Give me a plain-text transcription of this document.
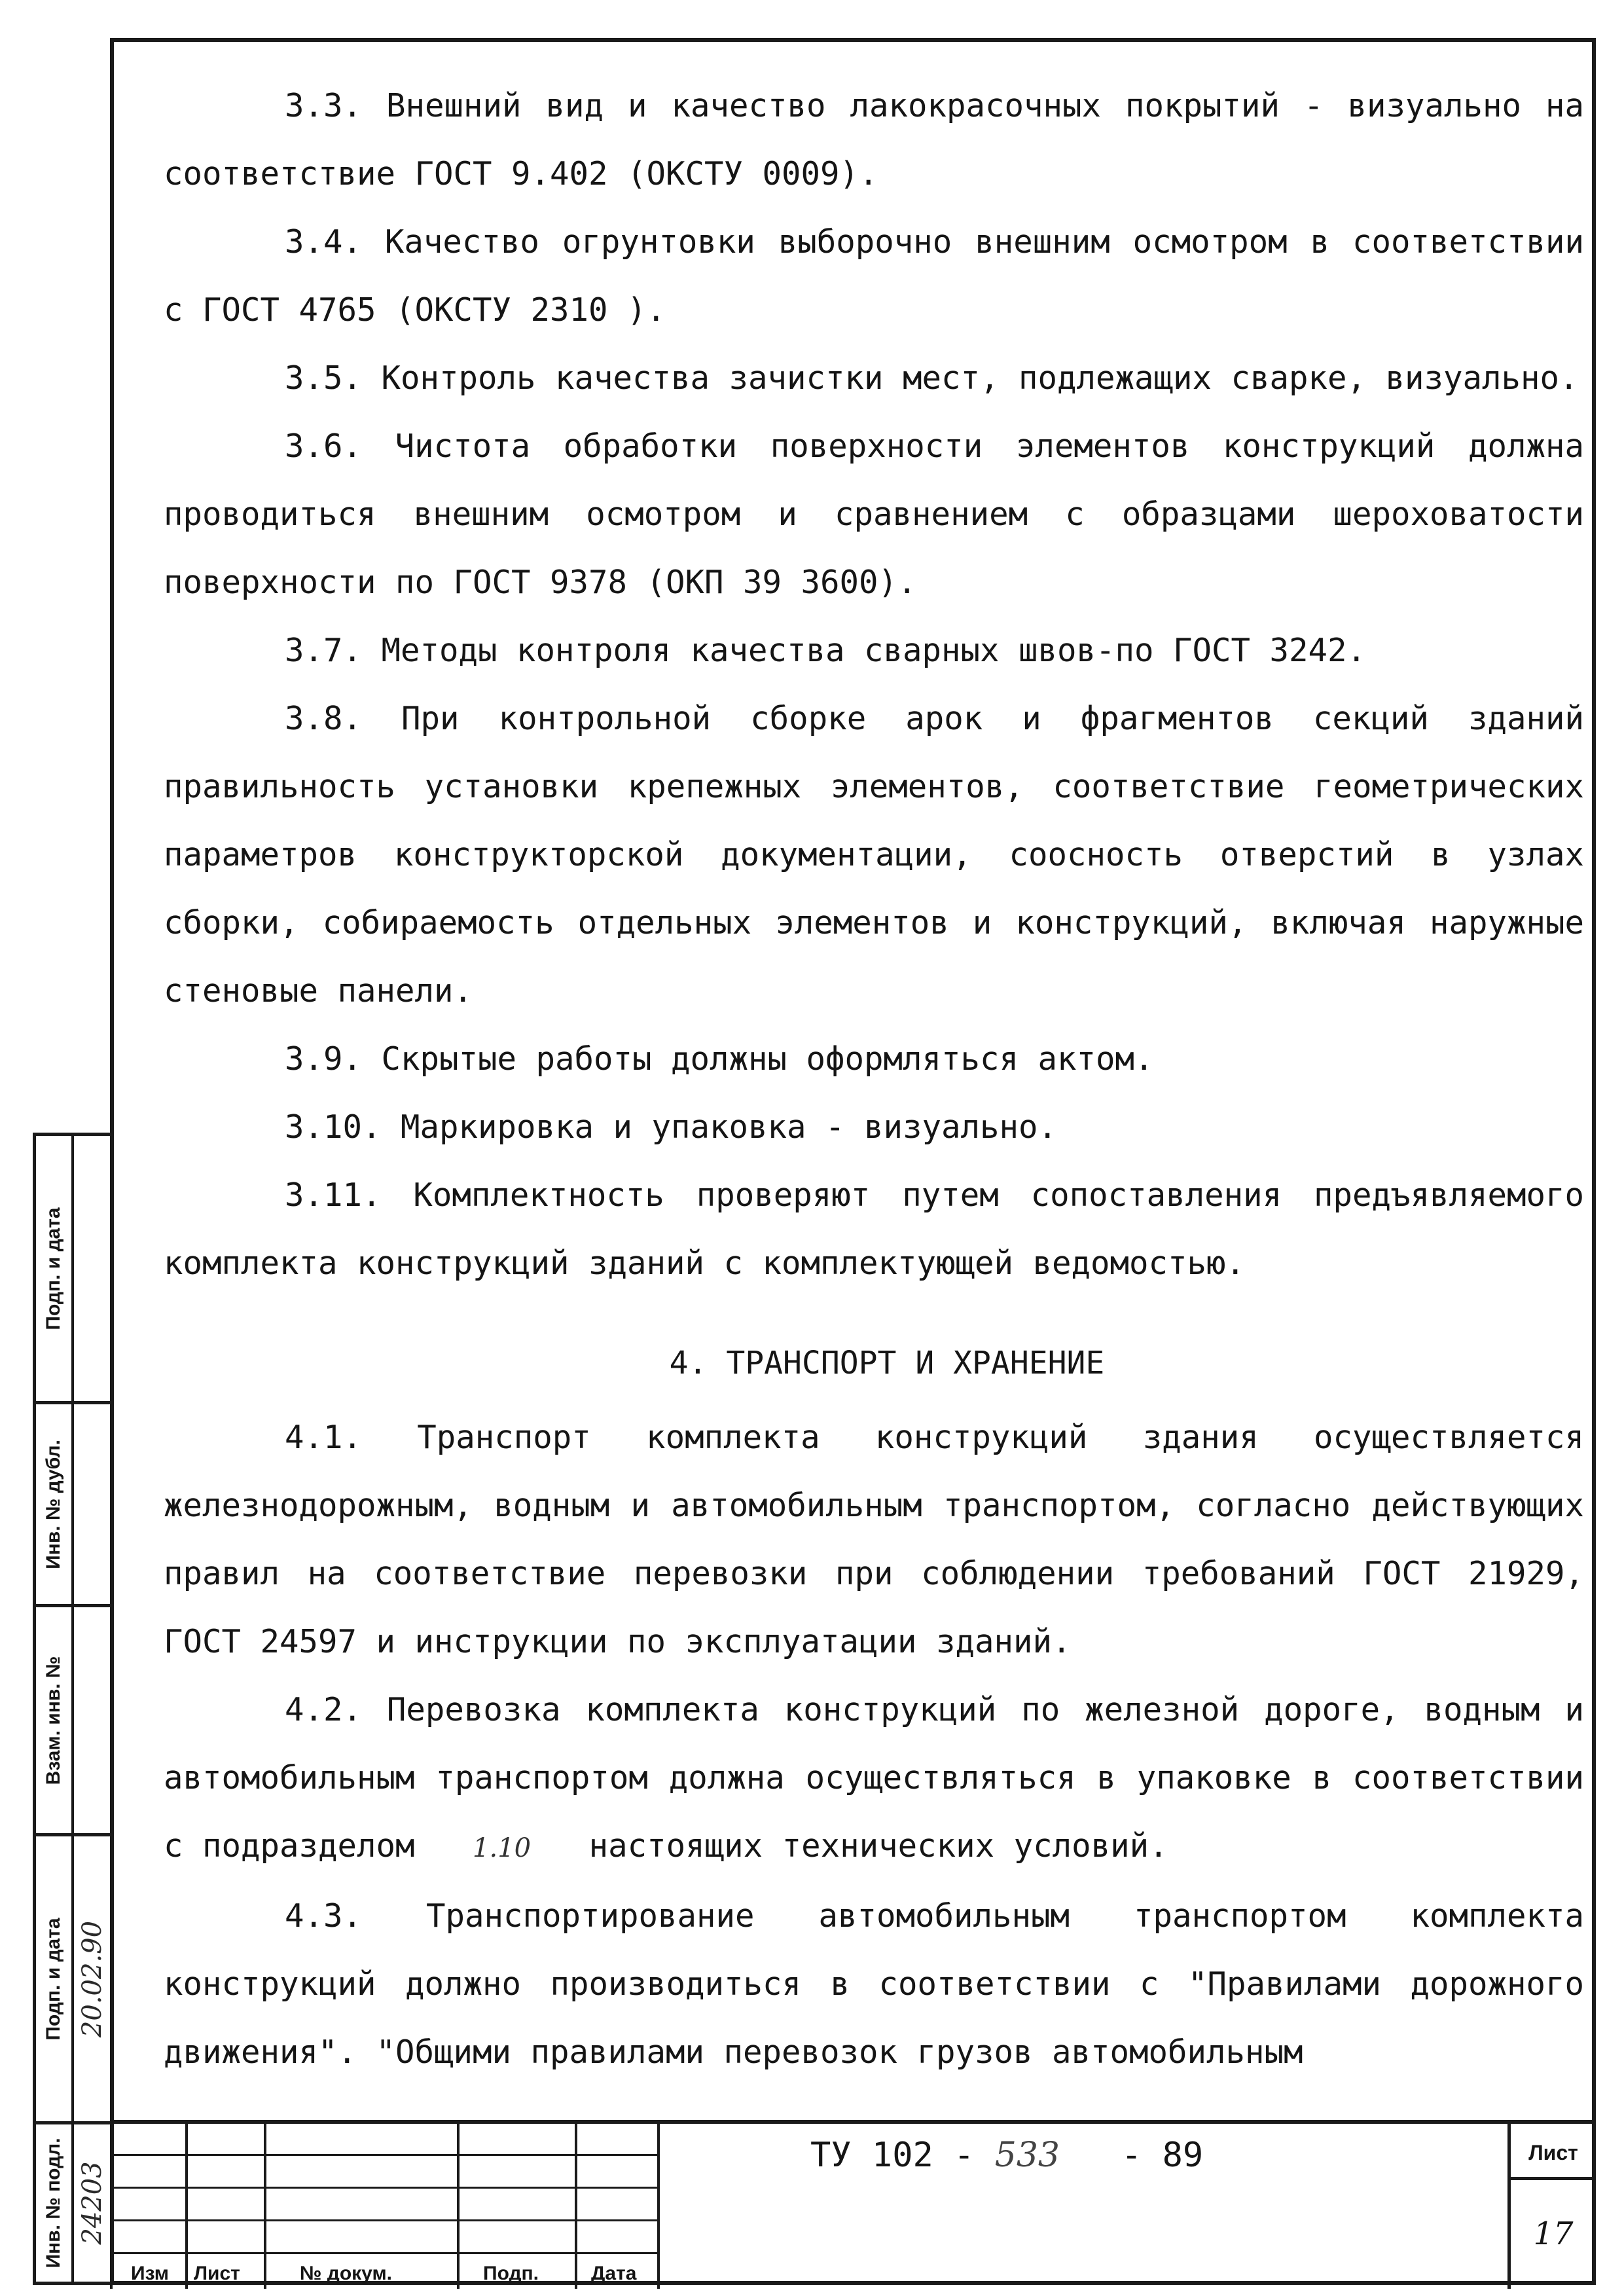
3.3. Внешний вид и качество лакокрасочных покрытий - визуально на соответствие ГОСТ 9.402 (ОКСТУ 0009).

3.4. Качество огрунтовки выборочно внешним осмотром в соответствии с ГОСТ 4765 (ОКСТУ 2310 ).

3.5. Контроль качества зачистки мест, подлежащих сварке, визуально.

3.6. Чистота обработки поверхности элементов конструкций должна проводиться внешним осмотром и сравнением с образцами шероховатости поверхности по ГОСТ 9378 (ОКП 39 3600).

3.7. Методы контроля качества сварных швов-по ГОСТ 3242.

3.8. При контрольной сборке арок и фрагментов секций зданий правильность установки крепежных элементов, соответствие геометрических параметров конструкторской документации, соосность отверстий в узлах сборки, собираемость отдельных элементов и конструкций, включая наружные стеновые панели.

3.9. Скрытые работы должны оформляться актом.

3.10. Маркировка и упаковка - визуально.

3.11. Комплектность проверяют путем сопоставления предъявляемого комплекта конструкций зданий с комплектующей ведомостью.

4. ТРАНСПОРТ И ХРАНЕНИЕ

4.1. Транспорт комплекта конструкций здания осуществляется железнодорожным, водным и автомобильным транспортом, согласно действующих правил на соответствие перевозки при соблюдении требований ГОСТ 21929, ГОСТ 24597 и инструкции по эксплуатации зданий.

4.2. Перевозка комплекта конструкций по железной дороге, водным и автомобильным транспортом должна осуществляться в упаковке в соответствии с подразделом 1.10 настоящих технических условий.

4.3. Транспортирование автомобильным транспортом комплекта конструкций должно производиться в соответствии с "Правилами дорожного движения". "Общими правилами перевозок грузов автомобильным

Подп. и дата
Инв. № дубл.
Взам. инв. №
Подп. и дата 20.02.90
Инв. № подл. 24203
Изм Лист	№ докум.	Подп.	Дата
ТУ 102 - 533 - 89	Лист
17
